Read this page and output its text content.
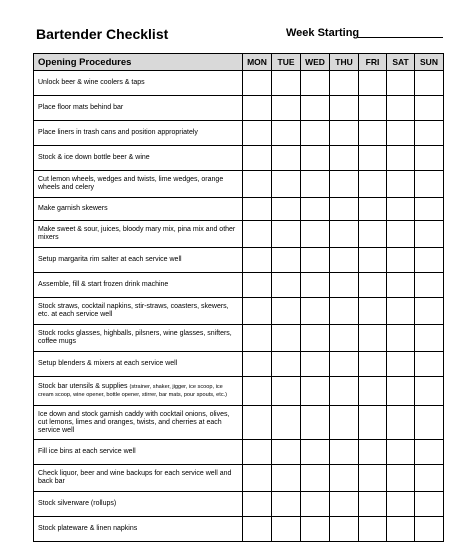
Bartender Checklist	Week Starting
Opening Procedures	MON	TUE	WED	THU	FRI	SAT	SUN
Unlock beer & wine coolers & taps							
Place floor mats behind bar							
Place liners in trash cans and position appropriately							
Stock & ice down bottle beer & wine							
Cut lemon wheels, wedges and twists, lime wedges, orange wheels and celery							
Make garnish skewers							
Make sweet & sour, juices, bloody mary mix, pina mix and other mixers							
Setup margarita rim salter at each service well							
Assemble, fill & start frozen drink machine							
Stock straws, cocktail napkins, stir-straws, coasters, skewers, etc. at each service well							
Stock rocks glasses, highballs, pilsners, wine glasses, snifters, coffee mugs							
Setup blenders & mixers at each service well							
Stock bar utensils & supplies (strainer, shaker, jigger, ice scoop, ice cream scoop, wine opener, bottle opener, stirrer, bar mats, pour spouts, etc.)							
Ice down and stock garnish caddy with cocktail onions, olives, cut lemons, limes and oranges, twists, and cherries at each service well							
Fill ice bins at each service well							
Check liquor, beer and wine backups for each service well and back bar							
Stock silverware (rollups)							
Stock plateware & linen napkins							
